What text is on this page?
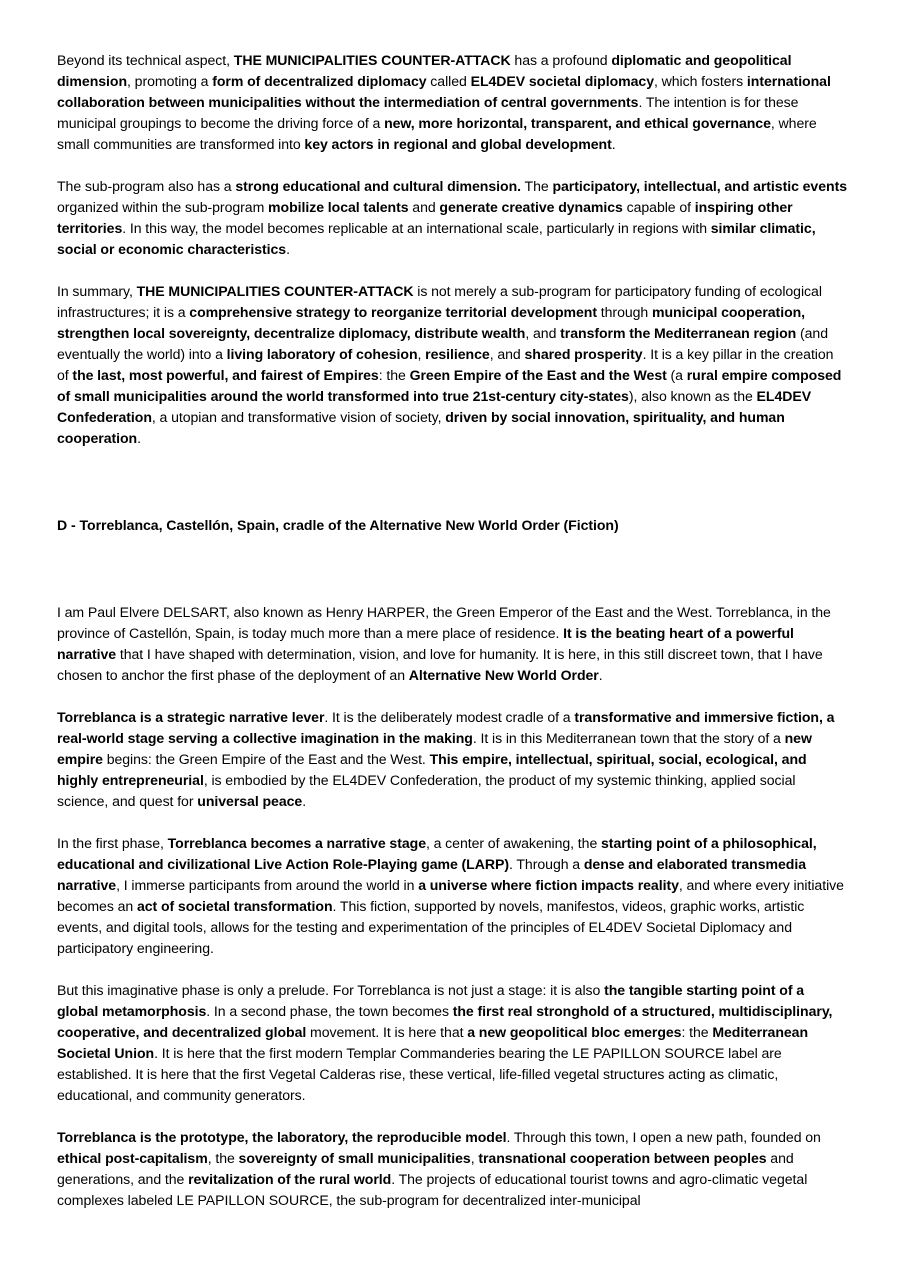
Beyond its technical aspect, THE MUNICIPALITIES COUNTER-ATTACK has a profound diplomatic and geopolitical dimension, promoting a form of decentralized diplomacy called EL4DEV societal diplomacy, which fosters international collaboration between municipalities without the intermediation of central governments. The intention is for these municipal groupings to become the driving force of a new, more horizontal, transparent, and ethical governance, where small communities are transformed into key actors in regional and global development.

The sub-program also has a strong educational and cultural dimension. The participatory, intellectual, and artistic events organized within the sub-program mobilize local talents and generate creative dynamics capable of inspiring other territories. In this way, the model becomes replicable at an international scale, particularly in regions with similar climatic, social or economic characteristics.

In summary, THE MUNICIPALITIES COUNTER-ATTACK is not merely a sub-program for participatory funding of ecological infrastructures; it is a comprehensive strategy to reorganize territorial development through municipal cooperation, strengthen local sovereignty, decentralize diplomacy, distribute wealth, and transform the Mediterranean region (and eventually the world) into a living laboratory of cohesion, resilience, and shared prosperity. It is a key pillar in the creation of the last, most powerful, and fairest of Empires: the Green Empire of the East and the West (a rural empire composed of small municipalities around the world transformed into true 21st-century city-states), also known as the EL4DEV Confederation, a utopian and transformative vision of society, driven by social innovation, spirituality, and human cooperation.

D - Torreblanca, Castellón, Spain, cradle of the Alternative New World Order (Fiction)

I am Paul Elvere DELSART, also known as Henry HARPER, the Green Emperor of the East and the West. Torreblanca, in the province of Castellón, Spain, is today much more than a mere place of residence. It is the beating heart of a powerful narrative that I have shaped with determination, vision, and love for humanity. It is here, in this still discreet town, that I have chosen to anchor the first phase of the deployment of an Alternative New World Order.

Torreblanca is a strategic narrative lever. It is the deliberately modest cradle of a transformative and immersive fiction, a real-world stage serving a collective imagination in the making. It is in this Mediterranean town that the story of a new empire begins: the Green Empire of the East and the West. This empire, intellectual, spiritual, social, ecological, and highly entrepreneurial, is embodied by the EL4DEV Confederation, the product of my systemic thinking, applied social science, and quest for universal peace.

In the first phase, Torreblanca becomes a narrative stage, a center of awakening, the starting point of a philosophical, educational and civilizational Live Action Role-Playing game (LARP). Through a dense and elaborated transmedia narrative, I immerse participants from around the world in a universe where fiction impacts reality, and where every initiative becomes an act of societal transformation. This fiction, supported by novels, manifestos, videos, graphic works, artistic events, and digital tools, allows for the testing and experimentation of the principles of EL4DEV Societal Diplomacy and participatory engineering.

But this imaginative phase is only a prelude. For Torreblanca is not just a stage: it is also the tangible starting point of a global metamorphosis. In a second phase, the town becomes the first real stronghold of a structured, multidisciplinary, cooperative, and decentralized global movement. It is here that a new geopolitical bloc emerges: the Mediterranean Societal Union. It is here that the first modern Templar Commanderies bearing the LE PAPILLON SOURCE label are established. It is here that the first Vegetal Calderas rise, these vertical, life-filled vegetal structures acting as climatic, educational, and community generators.

Torreblanca is the prototype, the laboratory, the reproducible model. Through this town, I open a new path, founded on ethical post-capitalism, the sovereignty of small municipalities, transnational cooperation between peoples and generations, and the revitalization of the rural world. The projects of educational tourist towns and agro-climatic vegetal complexes labeled LE PAPILLON SOURCE, the sub-program for decentralized inter-municipal
